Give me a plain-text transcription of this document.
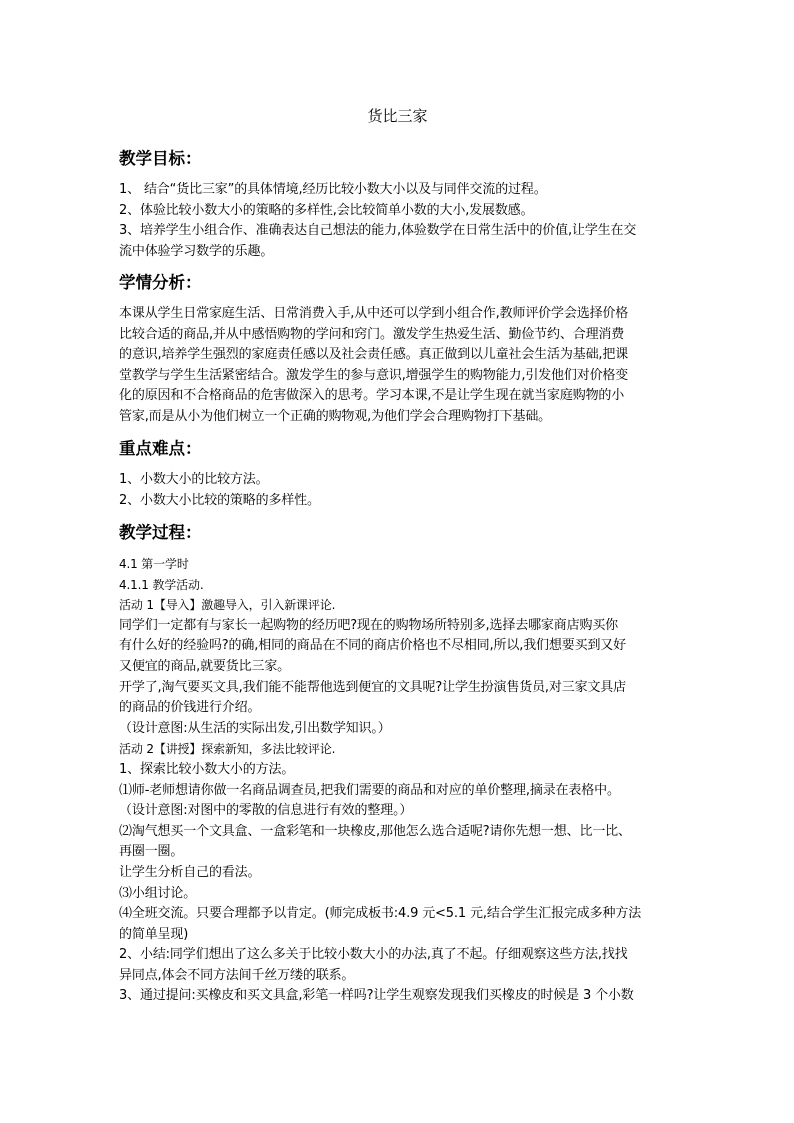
货比三家
教学目标：
1、 结合“货比三家”的具体情境,经历比较小数大小以及与同伴交流的过程。
2、体验比较小数大小的策略的多样性,会比较简单小数的大小,发展数感。
3、培养学生小组合作、准确表达自己想法的能力,体验数学在日常生活中的价值,让学生在交
流中体验学习数学的乐趣。
学情分析：
本课从学生日常家庭生活、日常消费入手,从中还可以学到小组合作,教师评价学会选择价格
比较合适的商品,并从中感悟购物的学问和窍门。激发学生热爱生活、勤俭节约、合理消费
的意识,培养学生强烈的家庭责任感以及社会责任感。真正做到以儿童社会生活为基础,把课
堂教学与学生生活紧密结合。激发学生的参与意识,增强学生的购物能力,引发他们对价格变
化的原因和不合格商品的危害做深入的思考。学习本课,不是让学生现在就当家庭购物的小
管家,而是从小为他们树立一个正确的购物观,为他们学会合理购物打下基础。
重点难点：
1、小数大小的比较方法。
2、小数大小比较的策略的多样性。
教学过程：
4.1 第一学时
4.1.1 教学活动.
活动 1【导入】激趣导入，引入新课评论.
同学们一定都有与家长一起购物的经历吧?现在的购物场所特别多,选择去哪家商店购买你
有什么好的经验吗?的确,相同的商品在不同的商店价格也不尽相同,所以,我们想要买到又好
又便宜的商品,就要货比三家。
开学了,淘气要买文具,我们能不能帮他选到便宜的文具呢?让学生扮演售货员,对三家文具店
的商品的价钱进行介绍。
（设计意图:从生活的实际出发,引出数学知识。）
活动 2【讲授】探索新知，多法比较评论.
1、探索比较小数大小的方法。
⑴师-老师想请你做一名商品调查员,把我们需要的商品和对应的单价整理,摘录在表格中。
（设计意图:对图中的零散的信息进行有效的整理。）
⑵淘气想买一个文具盒、一盒彩笔和一块橡皮,那他怎么选合适呢?请你先想一想、比一比、
再圈一圈。
让学生分析自己的看法。
⑶小组讨论。
⑷全班交流。只要合理都予以肯定。(师完成板书:4.9 元<5.1 元,结合学生汇报完成多种方法
的简单呈现)
2、小结:同学们想出了这么多关于比较小数大小的办法,真了不起。仔细观察这些方法,找找
异同点,体会不同方法间千丝万缕的联系。
3、通过提问:买橡皮和买文具盒,彩笔一样吗?让学生观察发现我们买橡皮的时候是 3 个小数
